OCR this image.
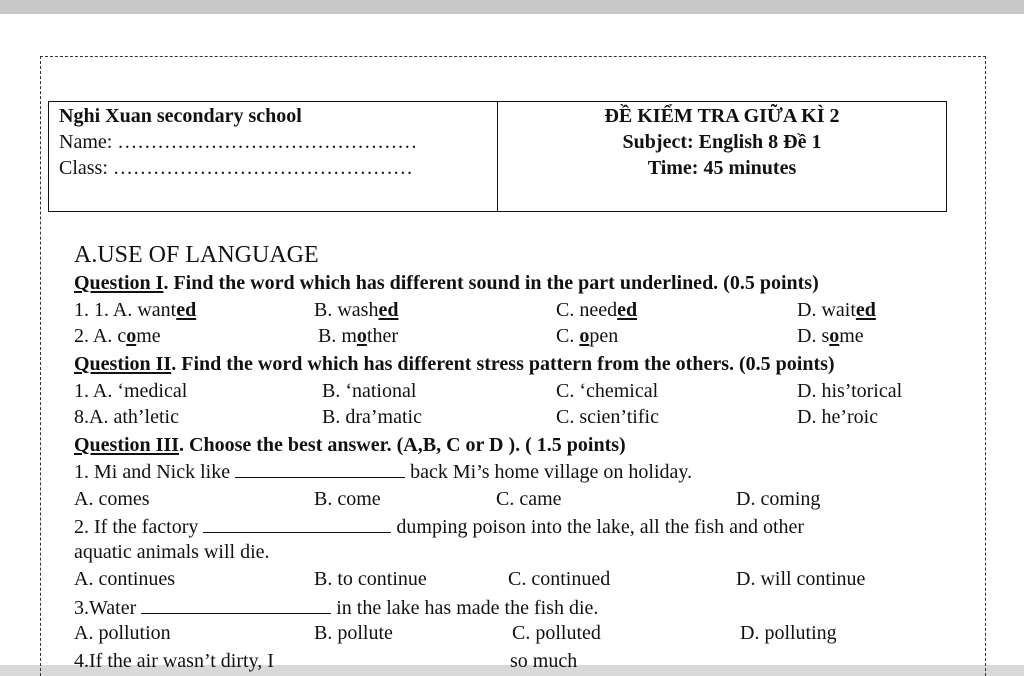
Nghi Xuan secondary school
Name: ………………………………………
Class: ………………………………………
ĐỀ KIỂM TRA GIỮA KÌ 2
Subject: English 8 Đề 1
Time: 45 minutes
A.USE OF LANGUAGE
Question I. Find the word which has different sound in the part underlined. (0.5 points)
1. 1. A. wanted	B. washed	C. needed	D. waited
2. A. come	B. mother	C. open	D. some
Question II. Find the word which has different stress pattern from the others. (0.5 points)
1. A. ‘medical	B. ‘national	C. ‘chemical	D. his’torical
8.A. ath’letic	B. dra’matic	C. scien’tific	D. he’roic
Question III. Choose the best answer. (A,B, C or D ). ( 1.5 points)
1. Mi and Nick like	back Mi’s home village on holiday.
A. comes	B. come	C. came	D. coming
2. If the factory	dumping poison into the lake, all the fish and other
aquatic animals will die.
A. continues	B. to continue	C. continued	D. will continue
3.Water	in the lake has made the fish die.
A. pollution	B. pollute	C. polluted	D. polluting
4.If the air wasn’t dirty, I	so much
